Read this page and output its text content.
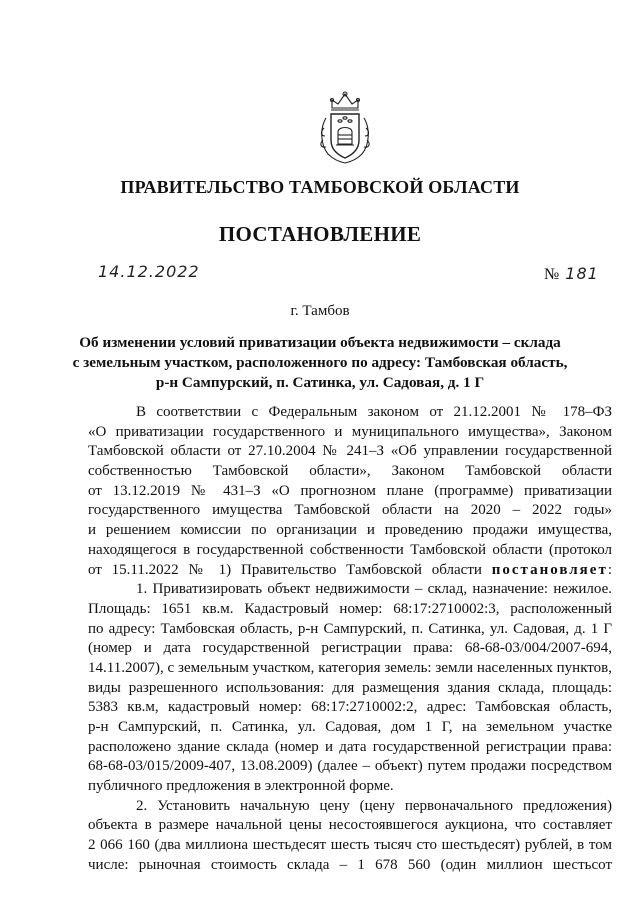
ПРАВИТЕЛЬСТВО ТАМБОВСКОЙ ОБЛАСТИ
ПОСТАНОВЛЕНИЕ
14.12.2022	№ 181
г. Тамбов
Об изменении условий приватизации объекта недвижимости – склада
с земельным участком, расположенного по адресу: Тамбовская область,
р-н Сампурский, п. Сатинка, ул. Садовая, д. 1 Г
В соответствии с Федеральным законом от 21.12.2001 № 178–ФЗ
«О приватизации государственного и муниципального имущества», Законом
Тамбовской области от 27.10.2004 № 241–З «Об управлении государственной
собственностью Тамбовской области», Законом Тамбовской области
от 13.12.2019 № 431–З «О прогнозном плане (программе) приватизации
государственного имущества Тамбовской области на 2020 – 2022 годы»
и решением комиссии по организации и проведению продажи имущества,
находящегося в государственной собственности Тамбовской области (протокол
от 15.11.2022 № 1) Правительство Тамбовской области постановляет:
1. Приватизировать объект недвижимости – склад, назначение: нежилое.
Площадь: 1651 кв.м. Кадастровый номер: 68:17:2710002:3, расположенный
по адресу: Тамбовская область, р-н Сампурский, п. Сатинка, ул. Садовая, д. 1 Г
(номер и дата государственной регистрации права: 68-68-03/004/2007-694,
14.11.2007), с земельным участком, категория земель: земли населенных пунктов,
виды разрешенного использования: для размещения здания склада, площадь:
5383 кв.м, кадастровый номер: 68:17:2710002:2, адрес: Тамбовская область,
р-н Сампурский, п. Сатинка, ул. Садовая, дом 1 Г, на земельном участке
расположено здание склада (номер и дата государственной регистрации права:
68-68-03/015/2009-407, 13.08.2009) (далее – объект) путем продажи посредством
публичного предложения в электронной форме.
2. Установить начальную цену (цену первоначального предложения)
объекта в размере начальной цены несостоявшегося аукциона, что составляет
2 066 160 (два миллиона шестьдесят шесть тысяч сто шестьдесят) рублей, в том
числе: рыночная стоимость склада – 1 678 560 (один миллион шестьсот
